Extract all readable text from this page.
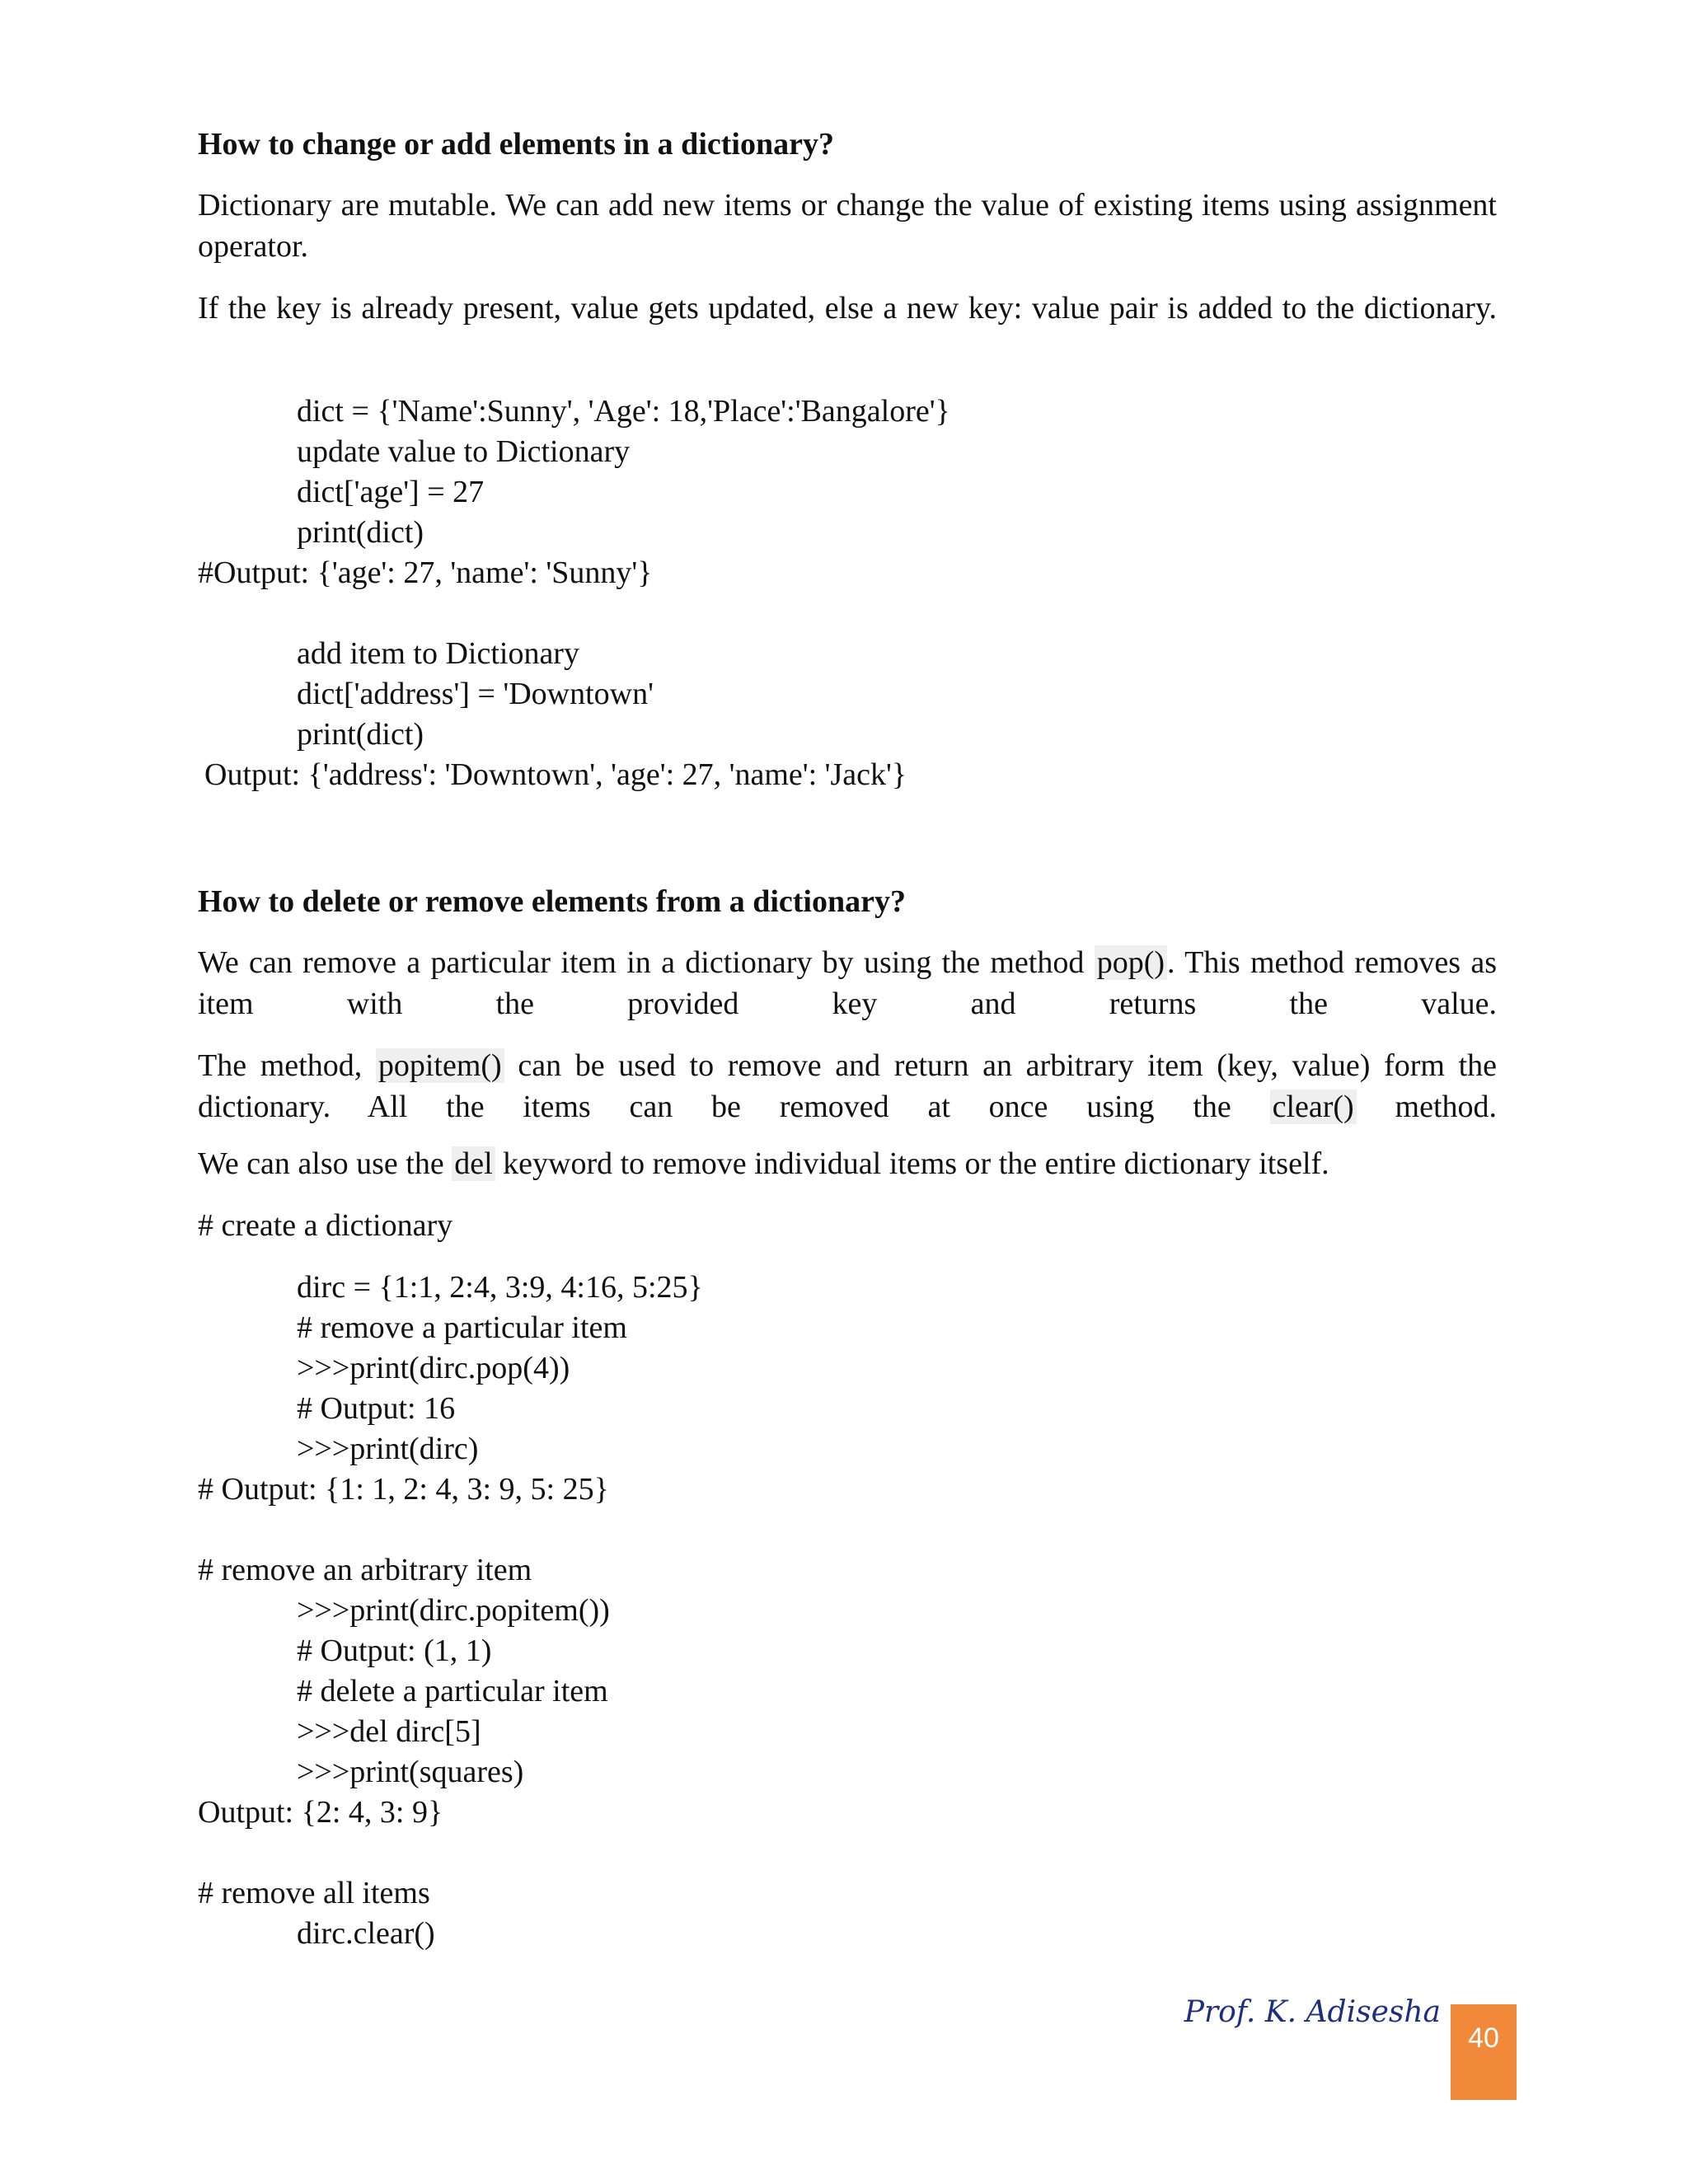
How to change or add elements in a dictionary?
Dictionary are mutable. We can add new items or change the value of existing items using assignment operator.
If the key is already present, value gets updated, else a new key: value pair is added to the dictionary.
dict = {'Name':Sunny', 'Age': 18,'Place':'Bangalore'}
update value to Dictionary
dict['age'] = 27
print(dict)
#Output: {'age': 27, 'name': 'Sunny'}
add item to Dictionary
dict['address'] = 'Downtown'
print(dict)
Output: {'address': 'Downtown', 'age': 27, 'name': 'Jack'}
How to delete or remove elements from a dictionary?
We can remove a particular item in a dictionary by using the method pop(). This method removes as item with the provided key and returns the value.
The method, popitem() can be used to remove and return an arbitrary item (key, value) form the dictionary. All the items can be removed at once using the clear() method.
We can also use the del keyword to remove individual items or the entire dictionary itself.
# create a dictionary
dirc = {1:1, 2:4, 3:9, 4:16, 5:25}
# remove a particular item
>>>print(dirc.pop(4))
# Output: 16
>>>print(dirc)
# Output: {1: 1, 2: 4, 3: 9, 5: 25}
# remove an arbitrary item
>>>print(dirc.popitem())
# Output: (1, 1)
# delete a particular item
>>>del dirc[5]
>>>print(squares)
Output: {2: 4, 3: 9}
# remove all items
dirc.clear()
Prof. K. Adisesha
40
